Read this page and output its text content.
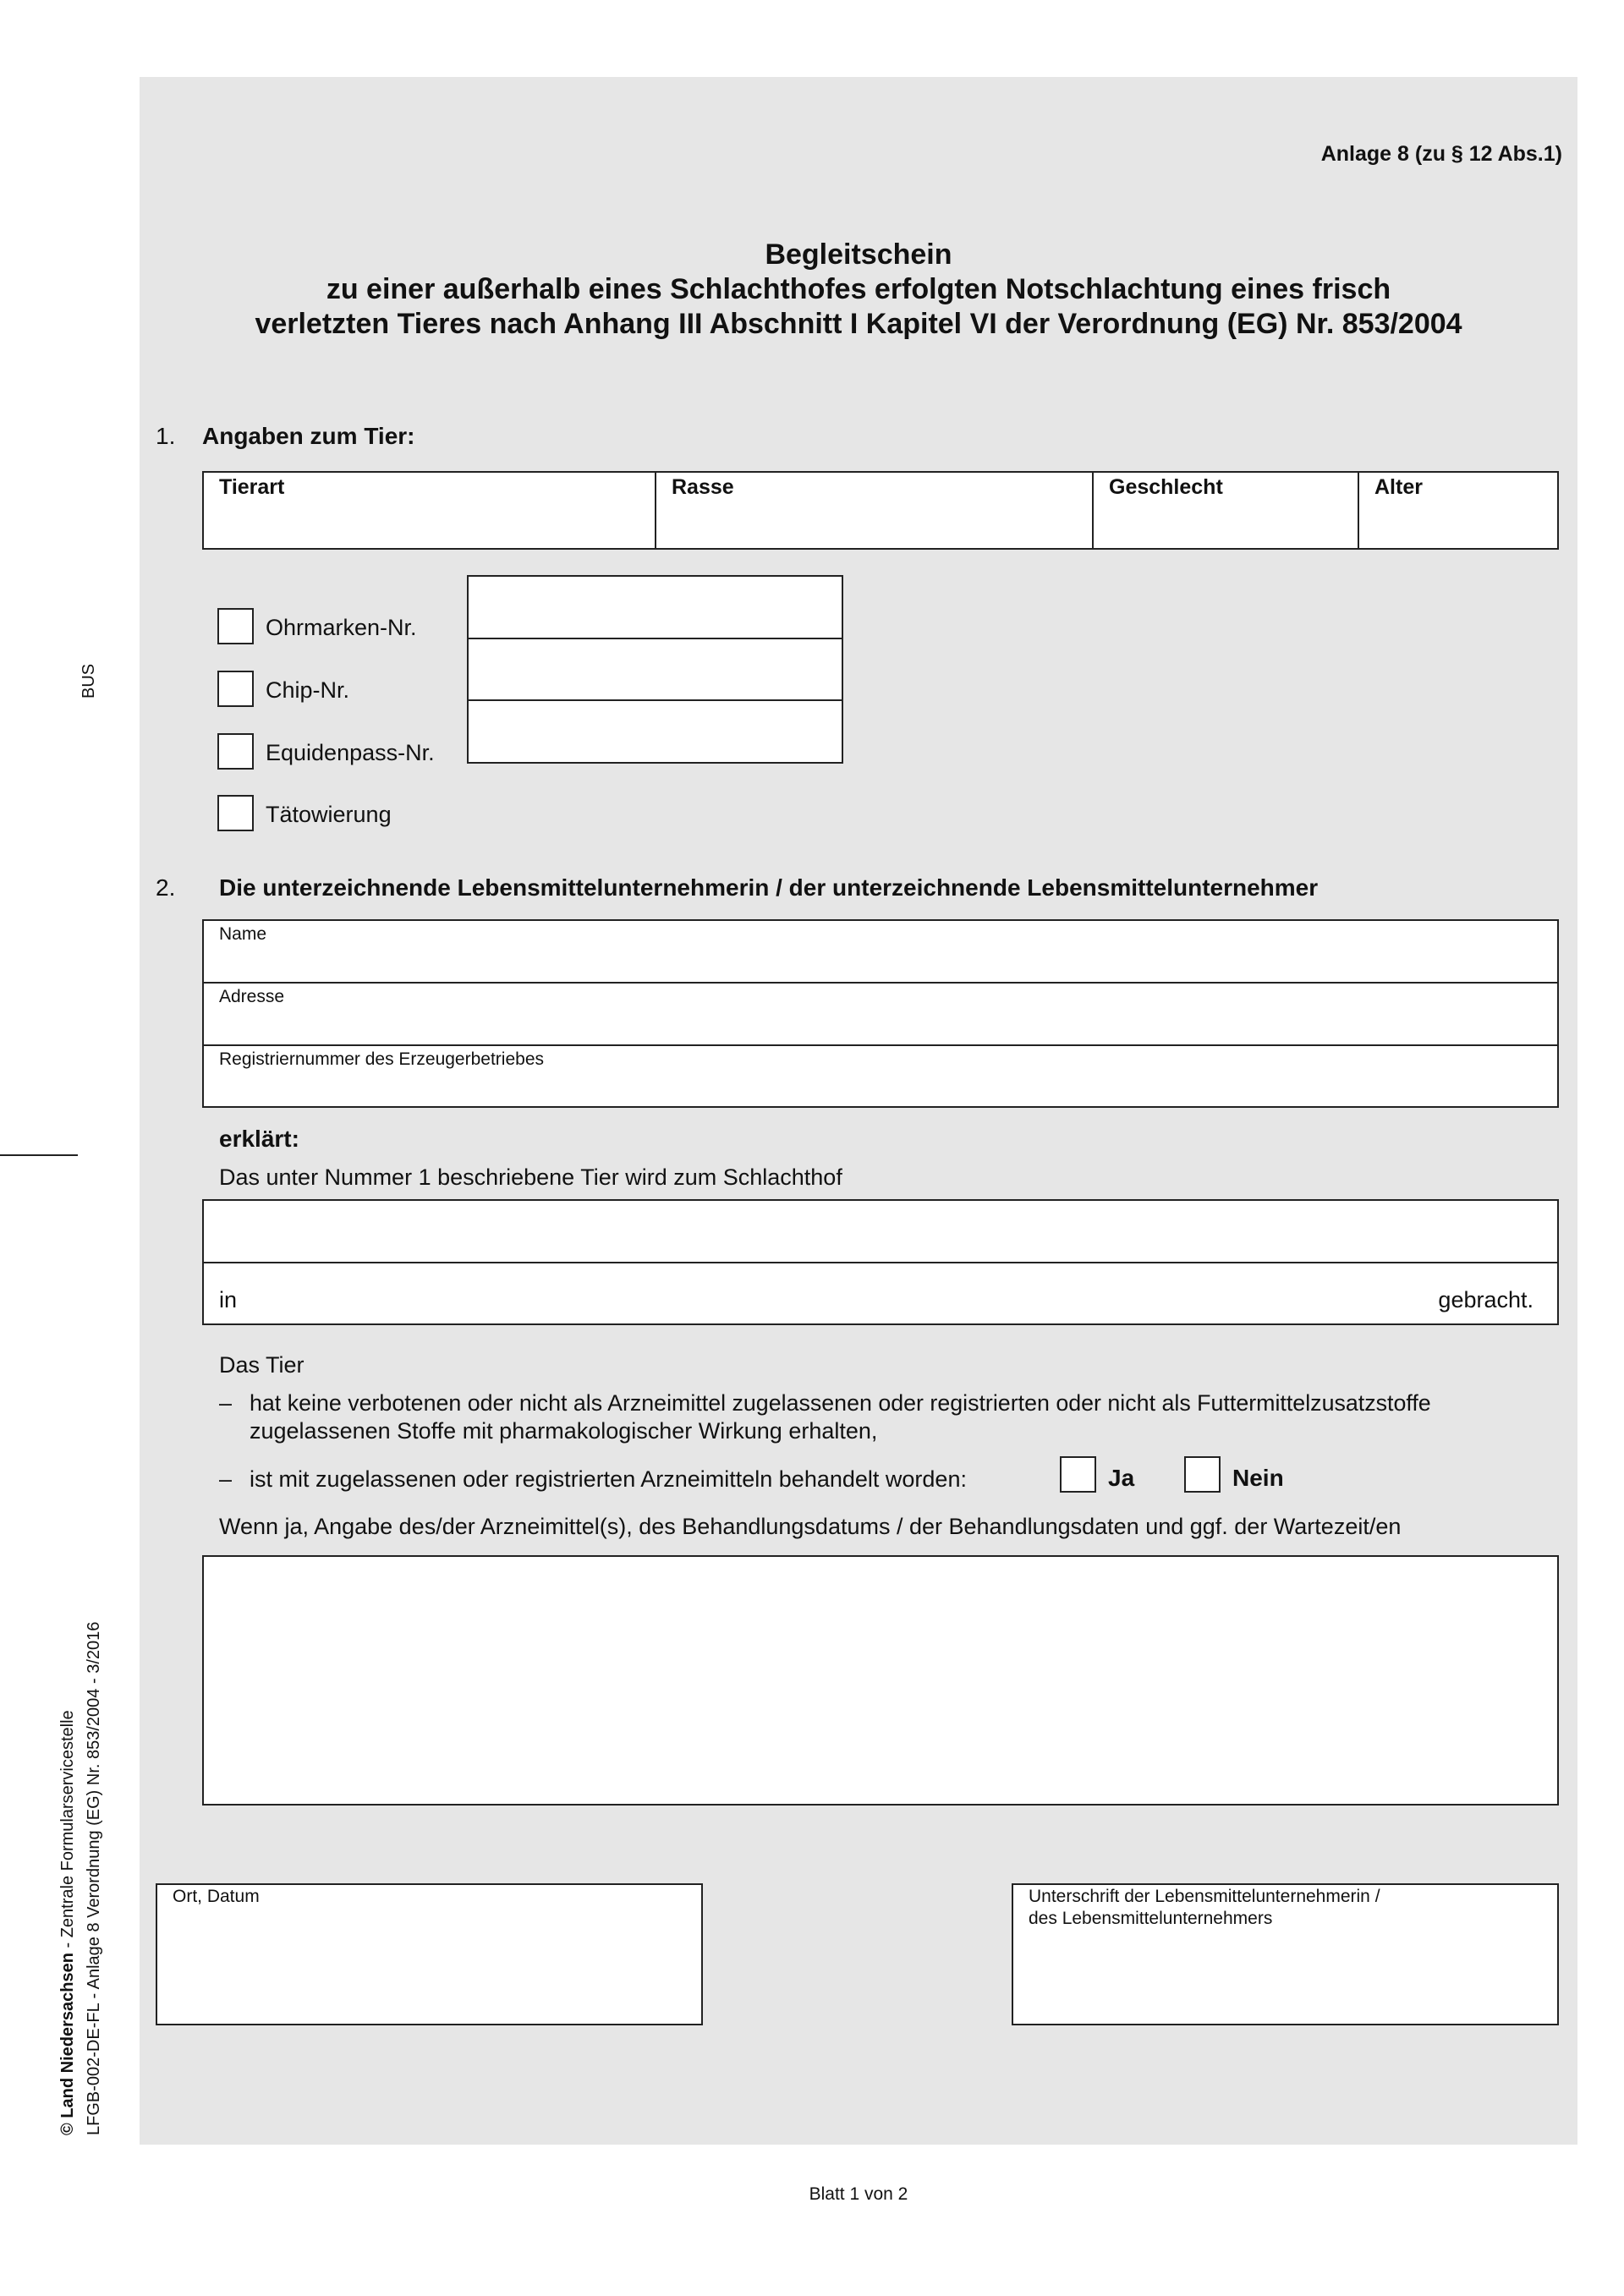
BUS
© Land Niedersachsen - Zentrale Formularservicestelle LFGB-002-DE-FL - Anlage 8 Verordnung (EG) Nr. 853/2004 - 3/2016
Anlage 8 (zu § 12 Abs.1)
Begleitschein
zu einer außerhalb eines Schlachthofes erfolgten Notschlachtung eines frisch
verletzten Tieres nach Anhang III Abschnitt I Kapitel VI der Verordnung (EG) Nr. 853/2004
1. Angaben zum Tier:
Tierart	Rasse	Geschlecht	Alter
Ohrmarken-Nr.
Chip-Nr.
Equidenpass-Nr.
Tätowierung
2. Die unterzeichnende Lebensmittelunternehmerin / der unterzeichnende Lebensmittelunternehmer
Name
Adresse
Registriernummer des Erzeugerbetriebes
erklärt:
Das unter Nummer 1 beschriebene Tier wird zum Schlachthof
in	gebracht.
Das Tier
– hat keine verbotenen oder nicht als Arzneimittel zugelassenen oder registrierten oder nicht als Futtermittelzusatzstoffe
zugelassenen Stoffe mit pharmakologischer Wirkung erhalten,
– ist mit zugelassenen oder registrierten Arzneimitteln behandelt worden:	Ja	Nein
Wenn ja, Angabe des/der Arzneimittel(s), des Behandlungsdatums / der Behandlungsdaten und ggf. der Wartezeit/en
Ort, Datum	Unterschrift der Lebensmittelunternehmerin /
des Lebensmittelunternehmers
Blatt 1 von 2
